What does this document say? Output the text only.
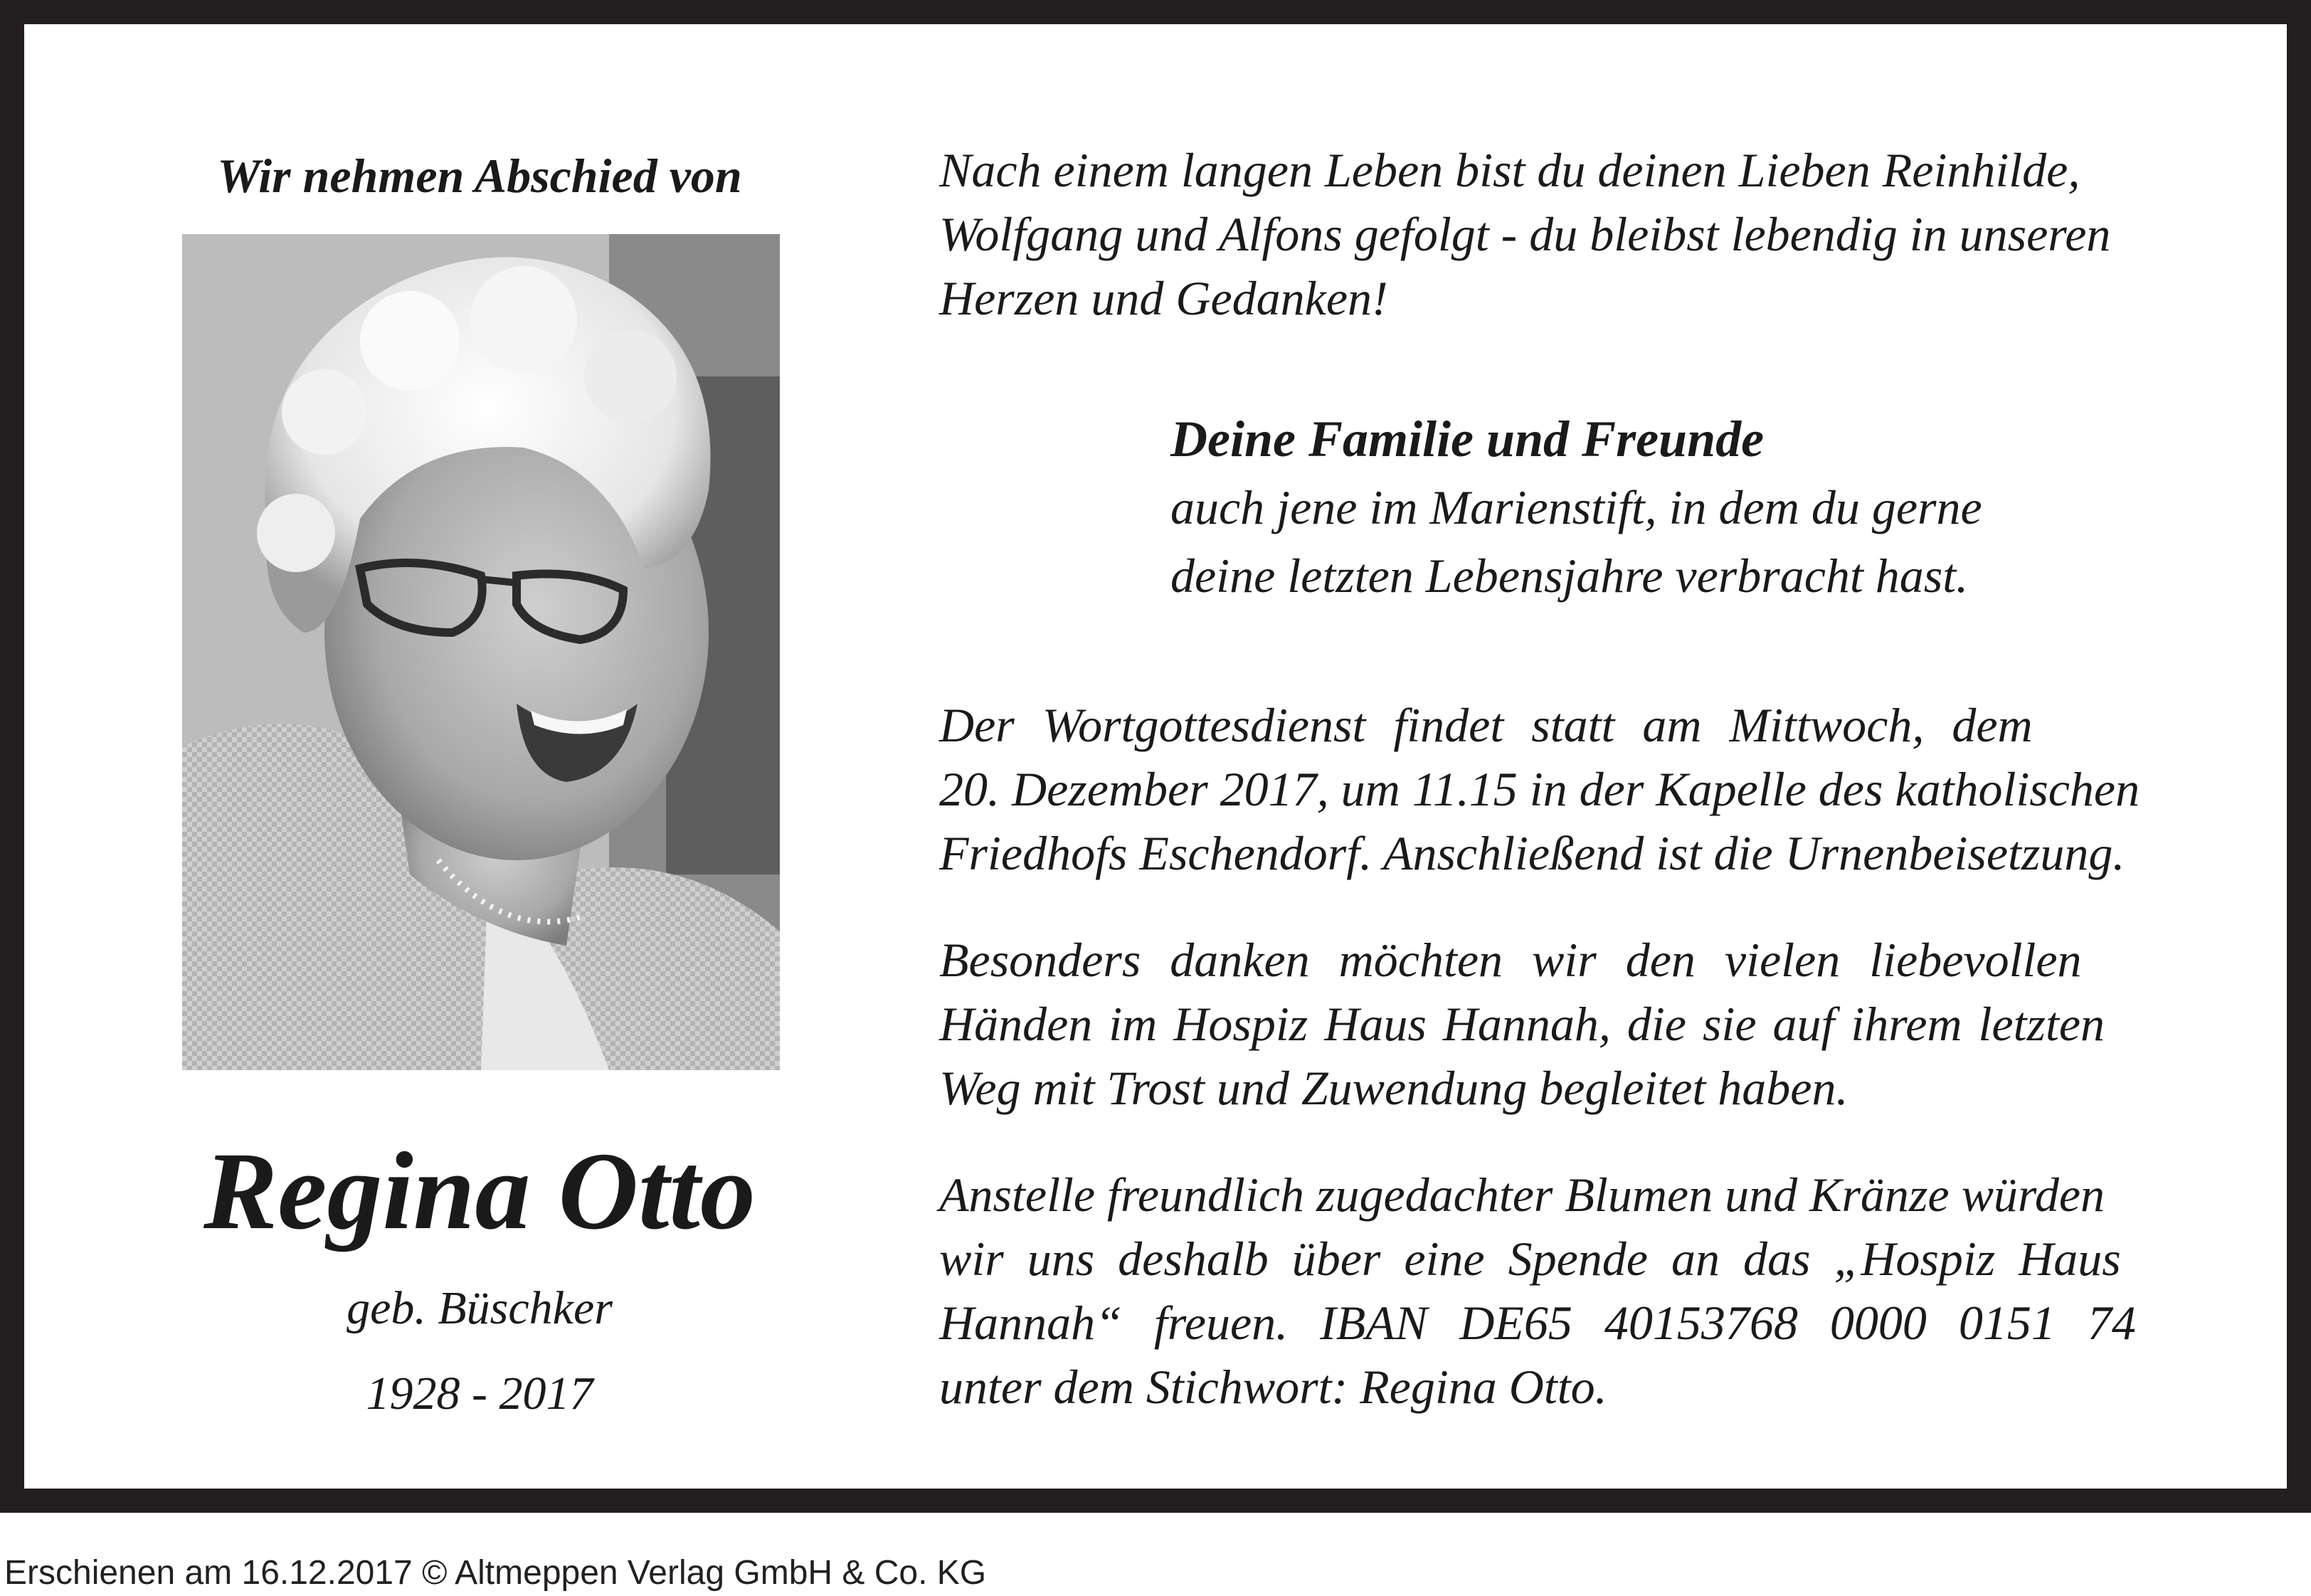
Wir nehmen Abschied von
Regina Otto
geb. Büschker
1928 - 2017
Nach einem langen Leben bist du deinen Lieben Reinhilde,
Wolfgang und Alfons gefolgt - du bleibst lebendig in unseren
Herzen und Gedanken!
Deine Familie und Freunde
auch jene im Marienstift, in dem du gerne
deine letzten Lebensjahre verbracht hast.
Der Wortgottesdienst findet statt am Mittwoch, dem
20. Dezember 2017, um 11.15 in der Kapelle des katholischen
Friedhofs Eschendorf. Anschließend ist die Urnenbeisetzung.
Besonders danken möchten wir den vielen liebevollen
Händen im Hospiz Haus Hannah, die sie auf ihrem letzten
Weg mit Trost und Zuwendung begleitet haben.
Anstelle freundlich zugedachter Blumen und Kränze würden
wir uns deshalb über eine Spende an das „Hospiz Haus
Hannah“ freuen. IBAN DE65 40153768 0000 0151 74
unter dem Stichwort: Regina Otto.
Erschienen am 16.12.2017 © Altmeppen Verlag GmbH & Co. KG
